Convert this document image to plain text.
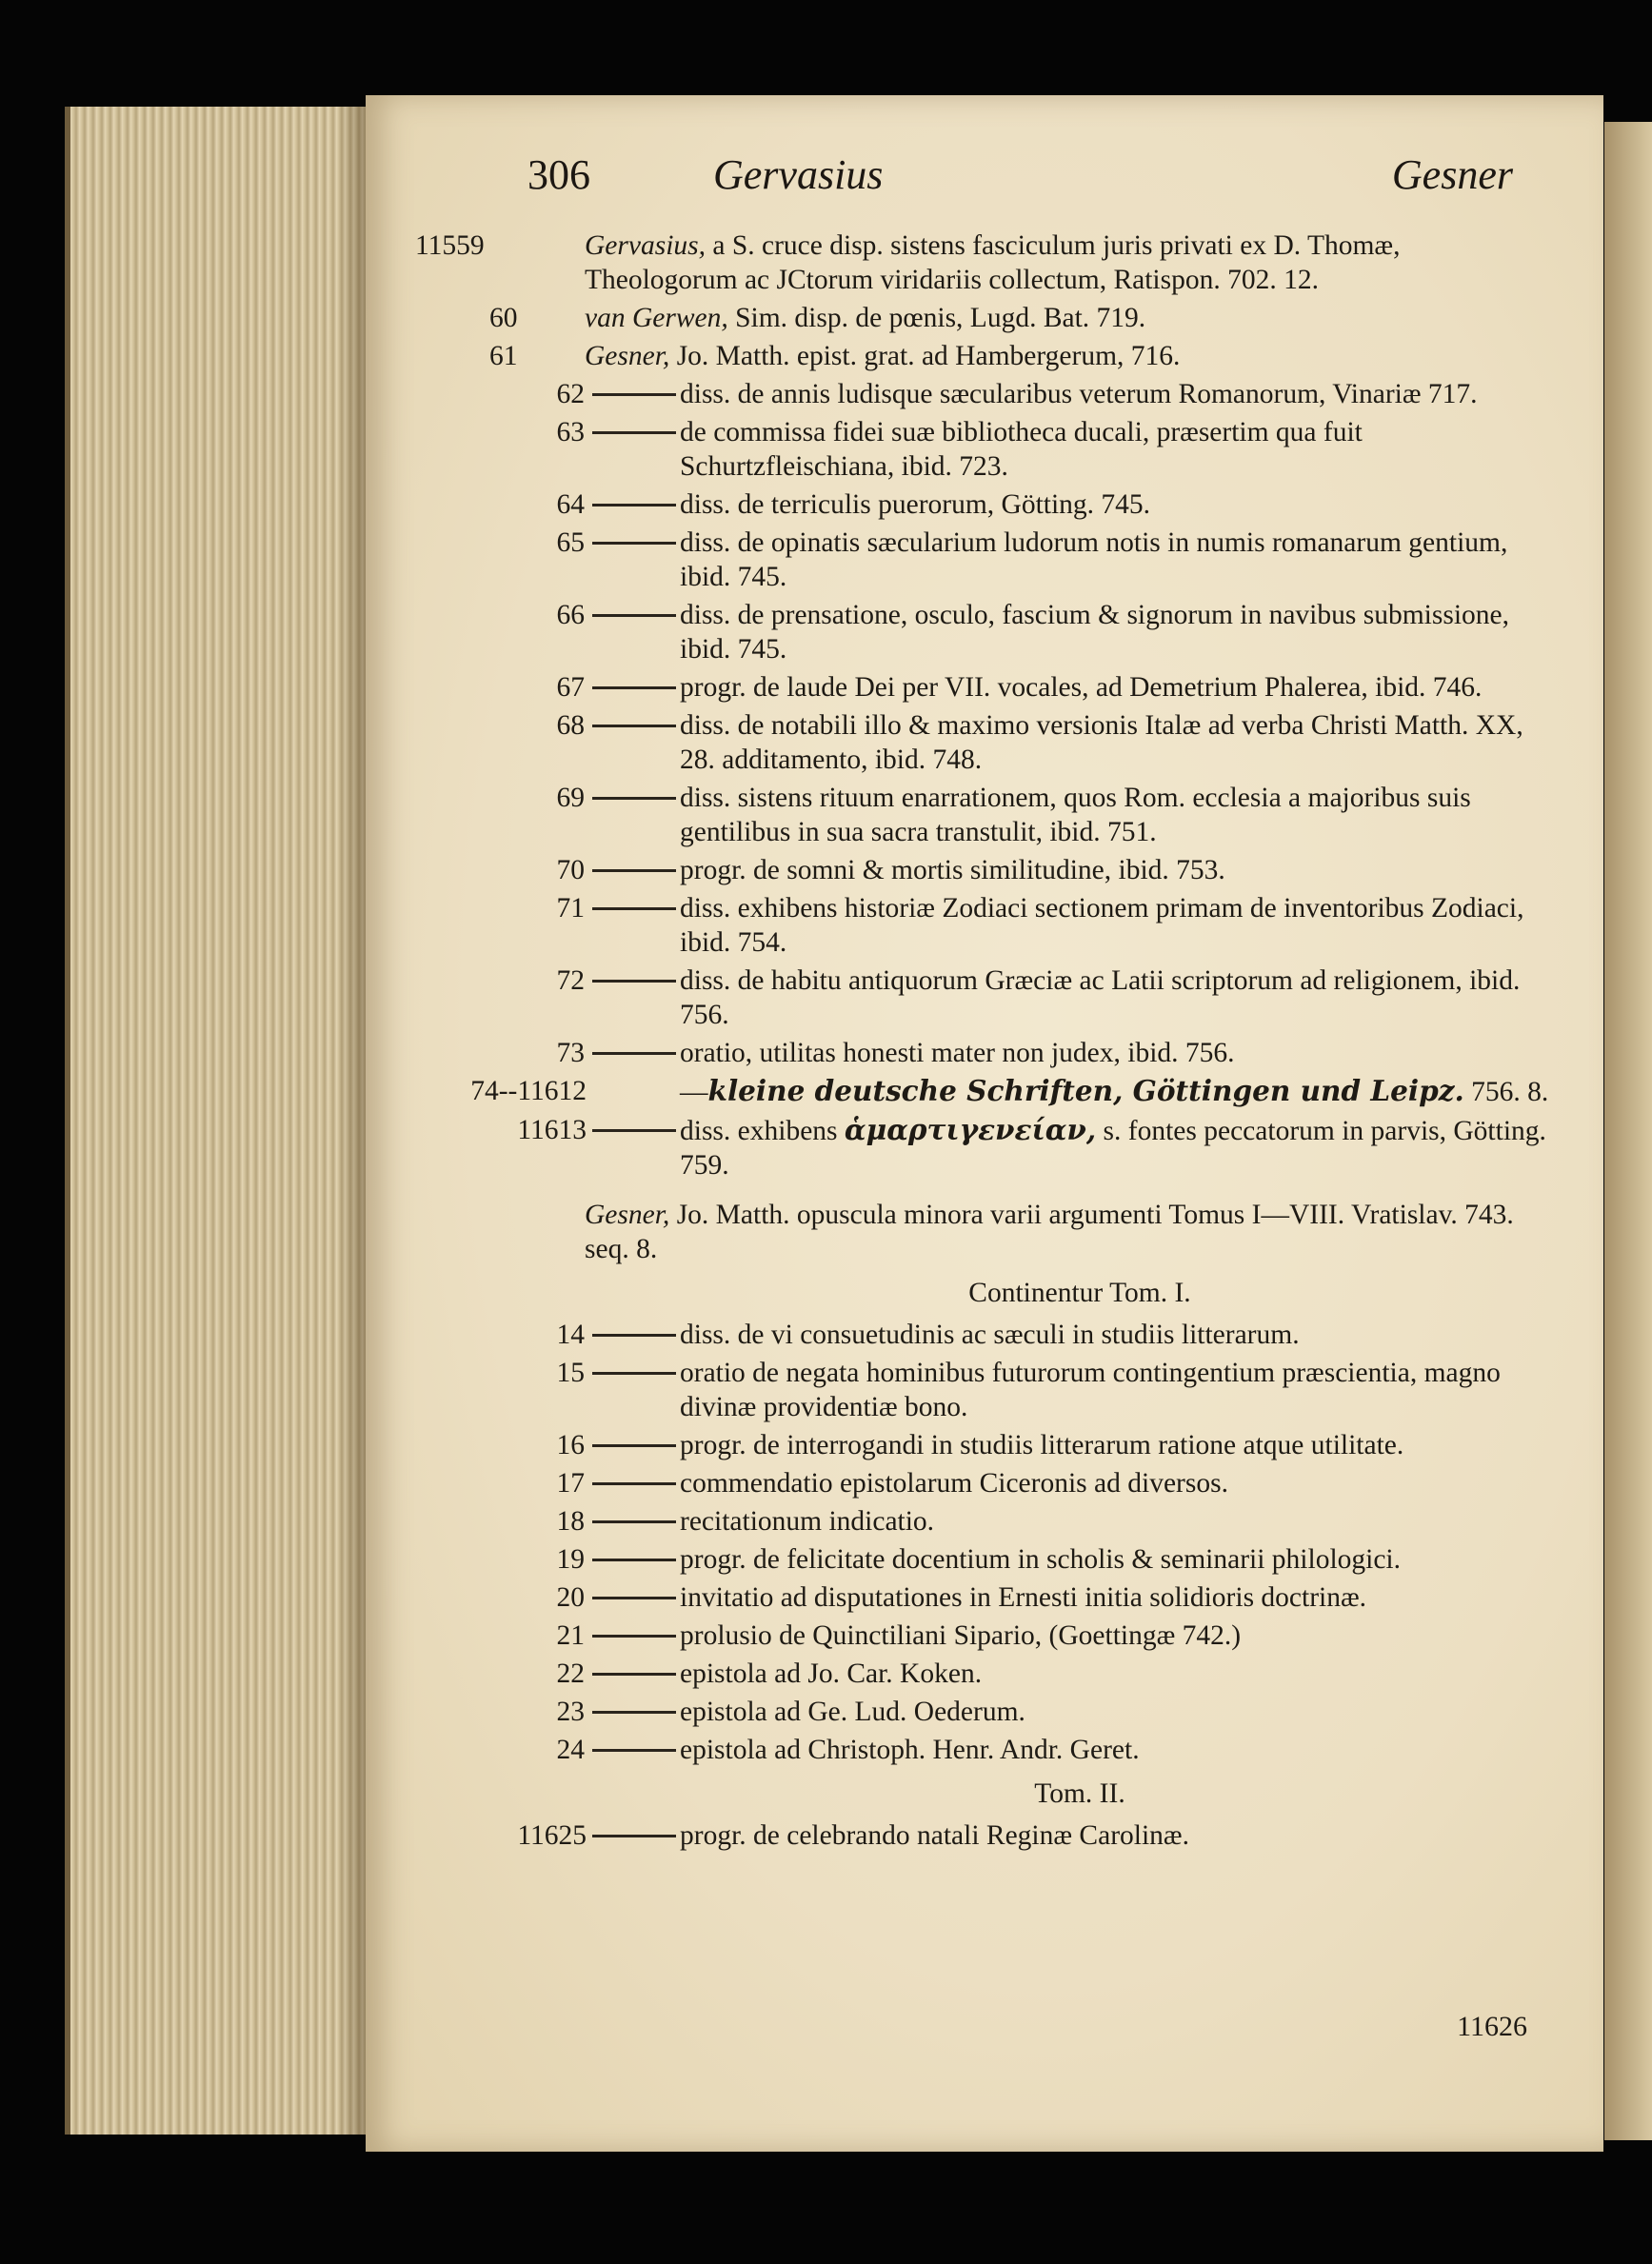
306	Gervasius	Gesner
11559	Gervasius, a S. cruce disp. sistens fasciculum juris privati ex D. Thomæ, Theologorum ac JCtorum viridariis collectum, Ratispon. 702. 12.
60	van Gerwen, Sim. disp. de pœnis, Lugd. Bat. 719.
61	Gesner, Jo. Matth. epist. grat. ad Hambergerum, 716.
62	diss. de annis ludisque sæcularibus veterum Romanorum, Vinariæ 717.
63	de commissa fidei suæ bibliotheca ducali, præsertim qua fuit Schurtzfleischiana, ibid. 723.
64	diss. de terriculis puerorum, Götting. 745.
65	diss. de opinatis sæcularium ludorum notis in numis romanarum gentium, ibid. 745.
66	diss. de prensatione, osculo, fascium & signorum in navibus submissione, ibid. 745.
67	progr. de laude Dei per VII. vocales, ad Demetrium Phalerea, ibid. 746.
68	diss. de notabili illo & maximo versionis Italæ ad verba Christi Matth. XX, 28. additamento, ibid. 748.
69	diss. sistens rituum enarrationem, quos Rom. ecclesia a majoribus suis gentilibus in sua sacra transtulit, ibid. 751.
70	progr. de somni & mortis similitudine, ibid. 753.
71	diss. exhibens historiæ Zodiaci sectionem primam de inventoribus Zodiaci, ibid. 754.
72	diss. de habitu antiquorum Græciæ ac Latii scriptorum ad religionem, ibid. 756.
73	oratio, utilitas honesti mater non judex, ibid. 756.
74--11612	—kleine deutsche Schriften, Göttingen und Leipz. 756. 8.
11613	diss. exhibens ἁμαρτιγενείαν, s. fontes peccatorum in parvis, Götting. 759.
Gesner, Jo. Matth. opuscula minora varii argumenti Tomus I—VIII. Vratislav. 743. seq. 8.
Continentur Tom. I.
14	diss. de vi consuetudinis ac sæculi in studiis litterarum.
15	oratio de negata hominibus futurorum contingentium præscientia, magno divinæ providentiæ bono.
16	progr. de interrogandi in studiis litterarum ratione atque utilitate.
17	commendatio epistolarum Ciceronis ad diversos.
18	recitationum indicatio.
19	progr. de felicitate docentium in scholis & seminarii philologici.
20	invitatio ad disputationes in Ernesti initia solidioris doctrinæ.
21	prolusio de Quinctiliani Sipario, (Goettingæ 742.)
22	epistola ad Jo. Car. Koken.
23	epistola ad Ge. Lud. Oederum.
24	epistola ad Christoph. Henr. Andr. Geret.
Tom. II.
11625	progr. de celebrando natali Reginæ Carolinæ.
11626
